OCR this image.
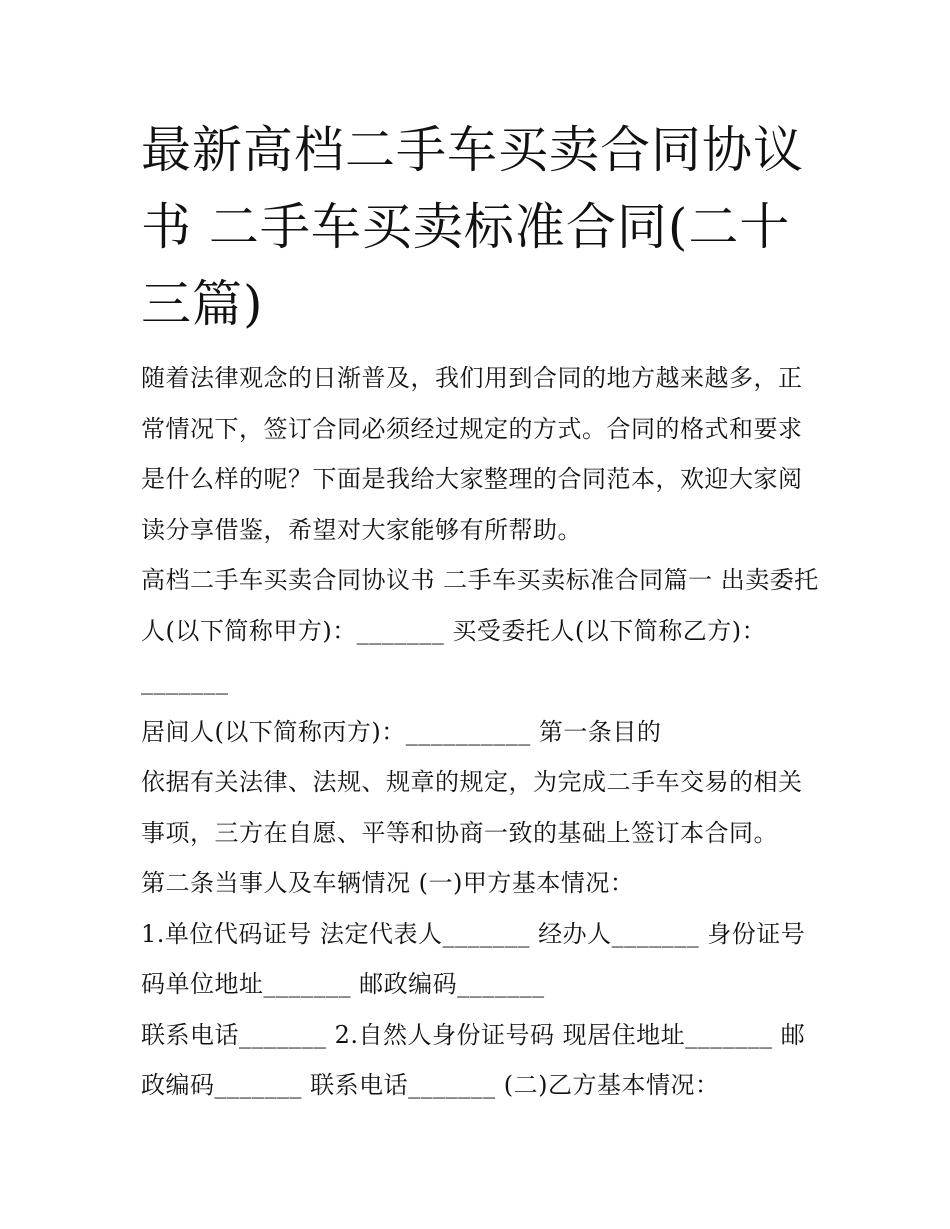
最新高档二手车买卖合同协议书 二手车买卖标准合同(二十三篇)

随着法律观念的日渐普及，我们用到合同的地方越来越多，正常情况下，签订合同必须经过规定的方式。合同的格式和要求是什么样的呢？下面是我给大家整理的合同范本，欢迎大家阅读分享借鉴，希望对大家能够有所帮助。

高档二手车买卖合同协议书 二手车买卖标准合同篇一 出卖委托人(以下简称甲方)：_______ 买受委托人(以下简称乙方)：_______

居间人(以下简称丙方)：__________ 第一条目的

依据有关法律、法规、规章的规定，为完成二手车交易的相关事项，三方在自愿、平等和协商一致的基础上签订本合同。

第二条当事人及车辆情况 (一)甲方基本情况：

1.单位代码证号 法定代表人_______ 经办人_______ 身份证号码单位地址_______ 邮政编码_______

联系电话_______ 2.自然人身份证号码 现居住地址_______ 邮政编码_______ 联系电话_______ (二)乙方基本情况：
